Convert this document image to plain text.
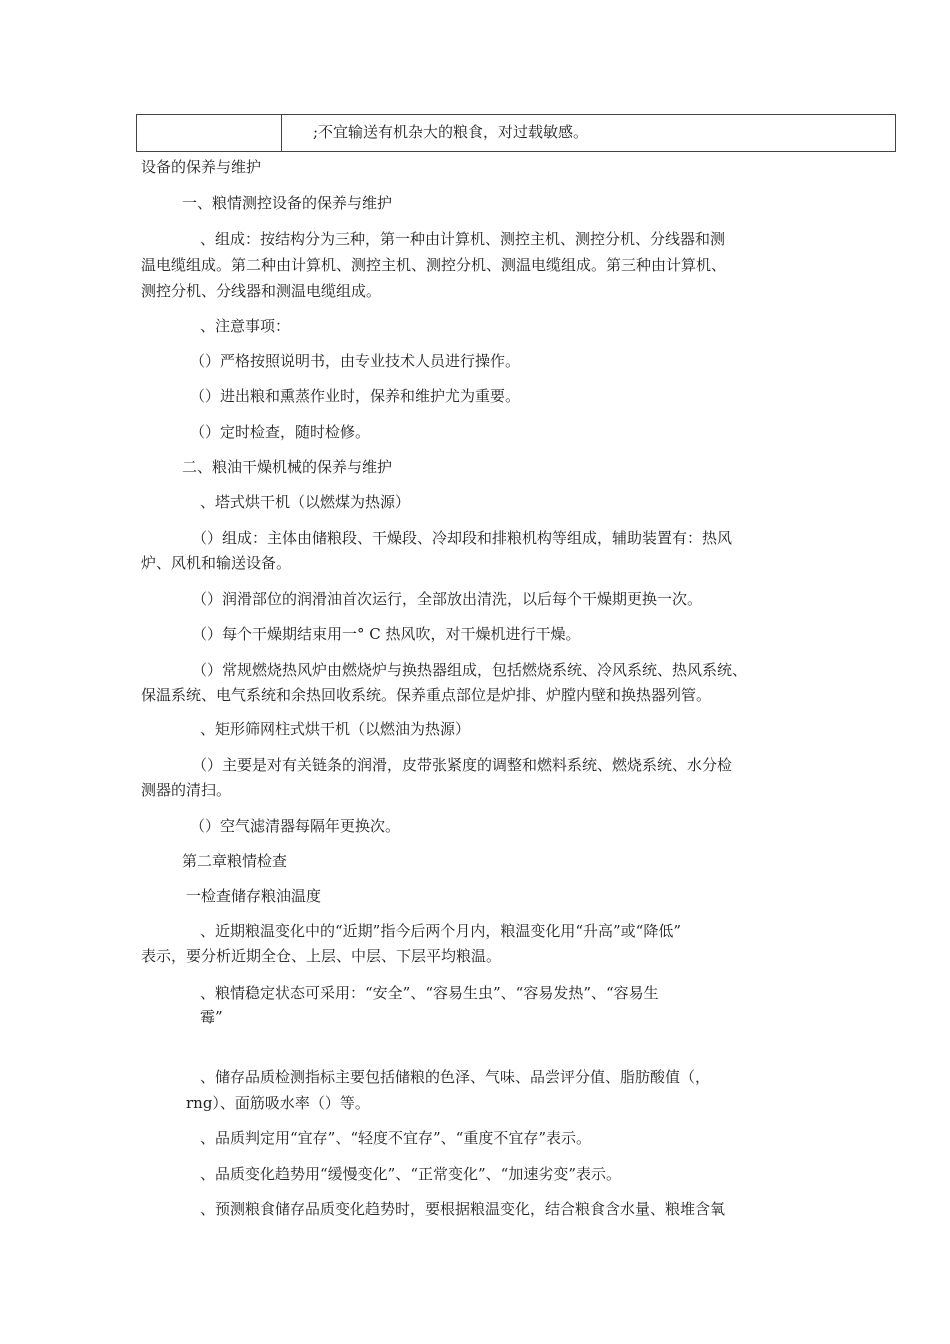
;不宜输送有机杂大的粮食，对过载敏感。
设备的保养与维护
一、粮情测控设备的保养与维护
、组成：按结构分为三种，第一种由计算机、测控主机、测控分机、分线器和测
温电缆组成。第二种由计算机、测控主机、测控分机、测温电缆组成。第三种由计算机、
测控分机、分线器和测温电缆组成。
、注意事项：
（）严格按照说明书，由专业技术人员进行操作。
（）进出粮和熏蒸作业时，保养和维护尤为重要。
（）定时检查，随时检修。
二、粮油干燥机械的保养与维护
、塔式烘干机（以燃煤为热源）
（）组成：主体由储粮段、干燥段、冷却段和排粮机构等组成，辅助装置有：热风
炉、风机和输送设备。
（）润滑部位的润滑油首次运行，全部放出清洗，以后每个干燥期更换一次。
（）每个干燥期结束用一° C 热风吹，对干燥机进行干燥。
（）常规燃烧热风炉由燃烧炉与换热器组成，包括燃烧系统、冷风系统、热风系统、
保温系统、电气系统和余热回收系统。保养重点部位是炉排、炉膛内壁和换热器列管。
、矩形筛网柱式烘干机（以燃油为热源）
（）主要是对有关链条的润滑，皮带张紧度的调整和燃料系统、燃烧系统、水分检
测器的清扫。
（）空气滤清器每隔年更换次。
第二章粮情检查
一检查储存粮油温度
、近期粮温变化中的“近期”指今后两个月内，粮温变化用“升高”或“降低”
表示，要分析近期全仓、上层、中层、下层平均粮温。
、粮情稳定状态可采用：“安全”、“容易生虫”、“容易发热”、“容易生
霉”
、储存品质检测指标主要包括储粮的色泽、气味、品尝评分值、脂肪酸值（，
rng）、面筋吸水率（）等。
、品质判定用“宜存”、“轻度不宜存”、“重度不宜存”表示。
、品质变化趋势用“缓慢变化”、“正常变化”、“加速劣变”表示。
、预测粮食储存品质变化趋势时，要根据粮温变化，结合粮食含水量、粮堆含氧
